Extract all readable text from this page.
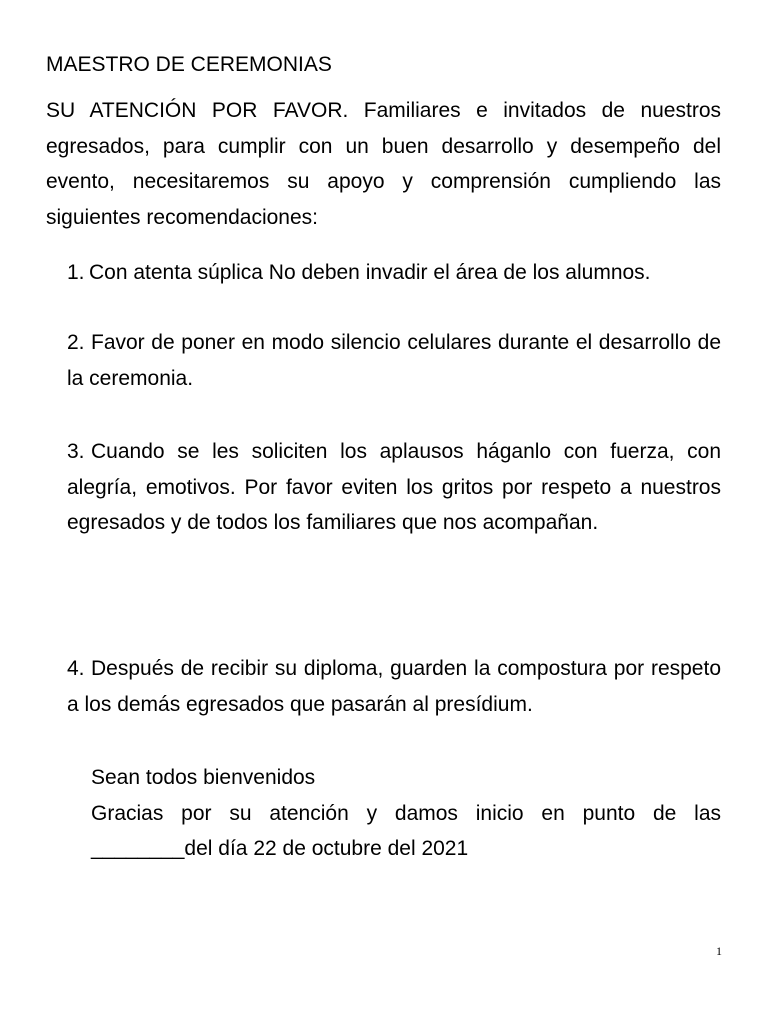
MAESTRO DE CEREMONIAS
SU ATENCIÓN POR FAVOR. Familiares e invitados de nuestros egresados, para cumplir con un buen desarrollo y desempeño del evento, necesitaremos su apoyo y comprensión cumpliendo las siguientes recomendaciones:
1. Con atenta súplica No deben invadir el área de los alumnos.
2. Favor de poner en modo silencio celulares durante el desarrollo de la ceremonia.
3. Cuando se les soliciten los aplausos háganlo con fuerza, con alegría, emotivos. Por favor eviten los gritos por respeto a nuestros egresados y de todos los familiares que nos acompañan.
4. Después de recibir su diploma, guarden la compostura por respeto a los demás egresados que pasarán al presídium.
Sean todos bienvenidos
Gracias por su atención y damos inicio en punto de las
________del día 22 de octubre del 2021
1
